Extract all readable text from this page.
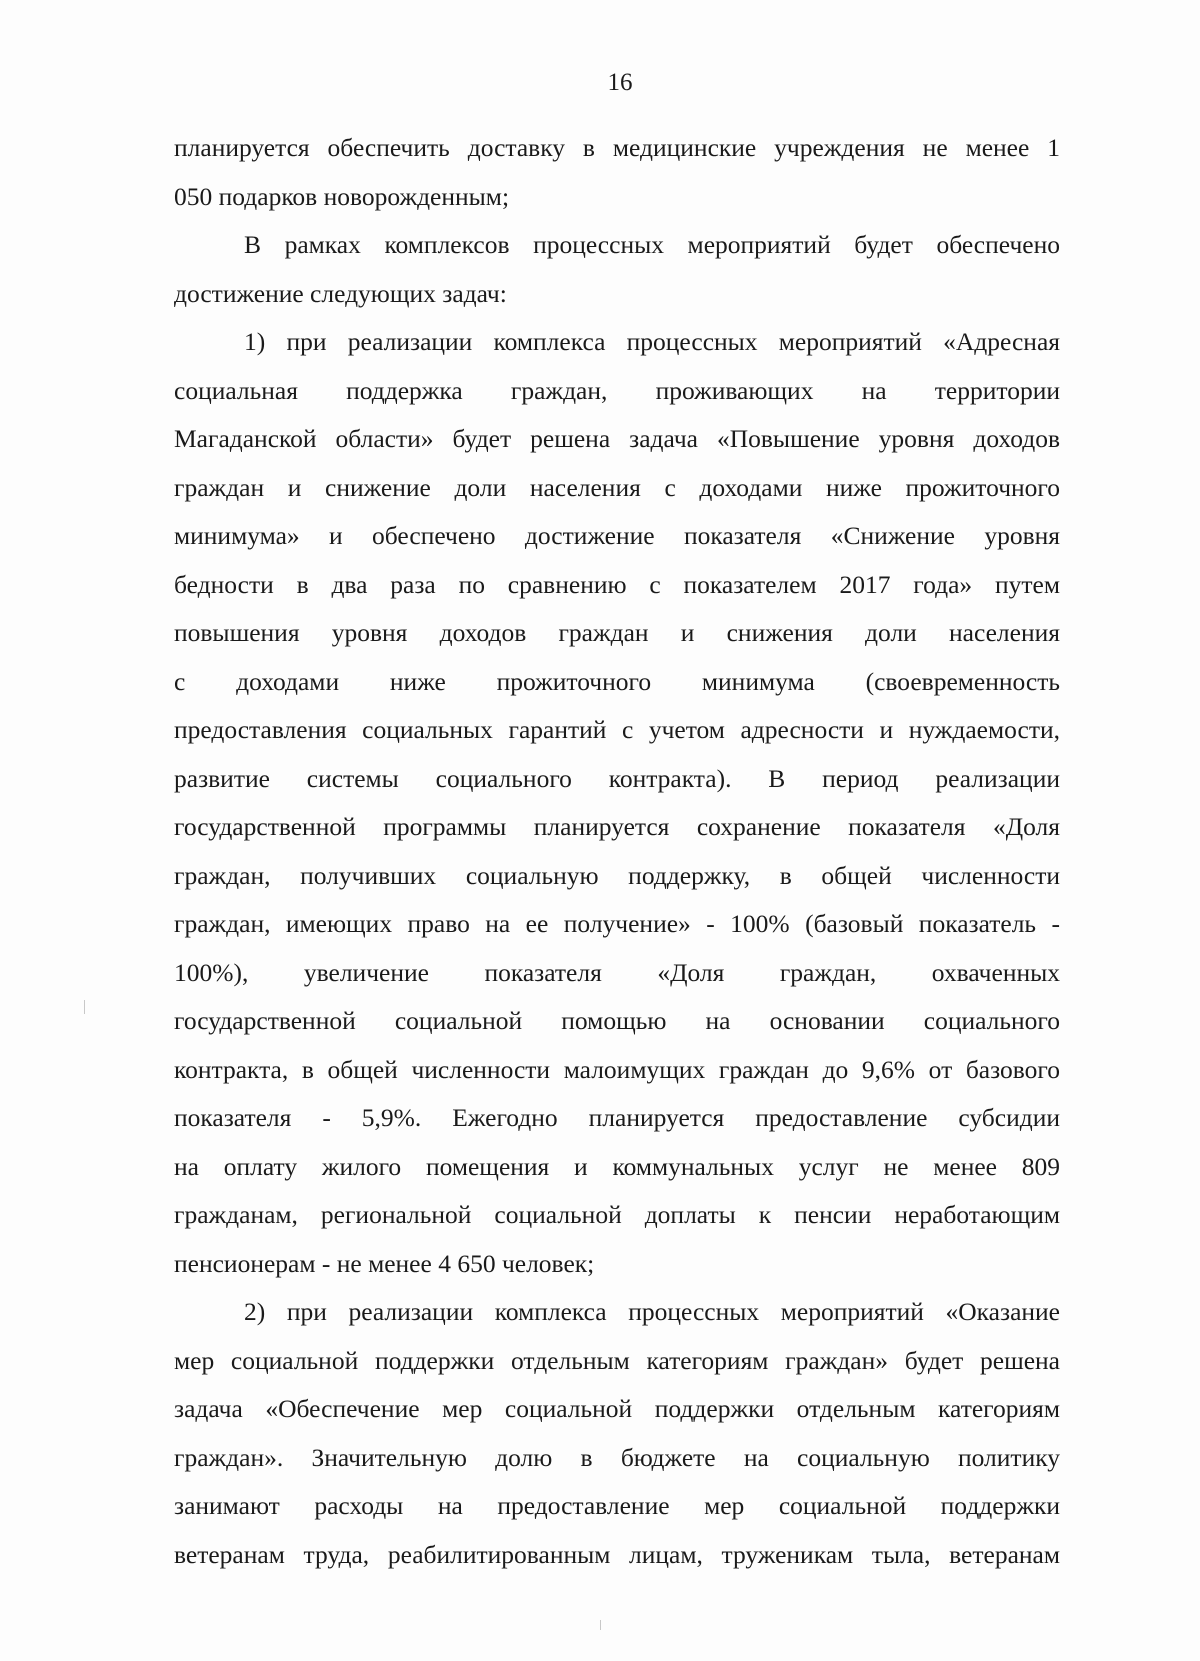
16
планируется обеспечить доставку в медицинские учреждения не менее 1
050 подарков новорожденным;
В рамках комплексов процессных мероприятий будет обеспечено
достижение следующих задач:
1) при реализации комплекса процессных мероприятий «Адресная
социальная поддержка граждан, проживающих на территории
Магаданской области» будет решена задача «Повышение уровня доходов
граждан и снижение доли населения с доходами ниже прожиточного
минимума» и обеспечено достижение показателя «Снижение уровня
бедности в два раза по сравнению с показателем 2017 года» путем
повышения уровня доходов граждан и снижения доли населения
с доходами ниже прожиточного минимума (своевременность
предоставления социальных гарантий с учетом адресности и нуждаемости,
развитие системы социального контракта). В период реализации
государственной программы планируется сохранение показателя «Доля
граждан, получивших социальную поддержку, в общей численности
граждан, имеющих право на ее получение» - 100% (базовый показатель -
100%), увеличение показателя «Доля граждан, охваченных
государственной социальной помощью на основании социального
контракта, в общей численности малоимущих граждан до 9,6% от базового
показателя - 5,9%. Ежегодно планируется предоставление субсидии
на оплату жилого помещения и коммунальных услуг не менее 809
гражданам, региональной социальной доплаты к пенсии неработающим
пенсионерам - не менее 4 650 человек;
2) при реализации комплекса процессных мероприятий «Оказание
мер социальной поддержки отдельным категориям граждан» будет решена
задача «Обеспечение мер социальной поддержки отдельным категориям
граждан». Значительную долю в бюджете на социальную политику
занимают расходы на предоставление мер социальной поддержки
ветеранам труда, реабилитированным лицам, труженикам тыла, ветеранам
